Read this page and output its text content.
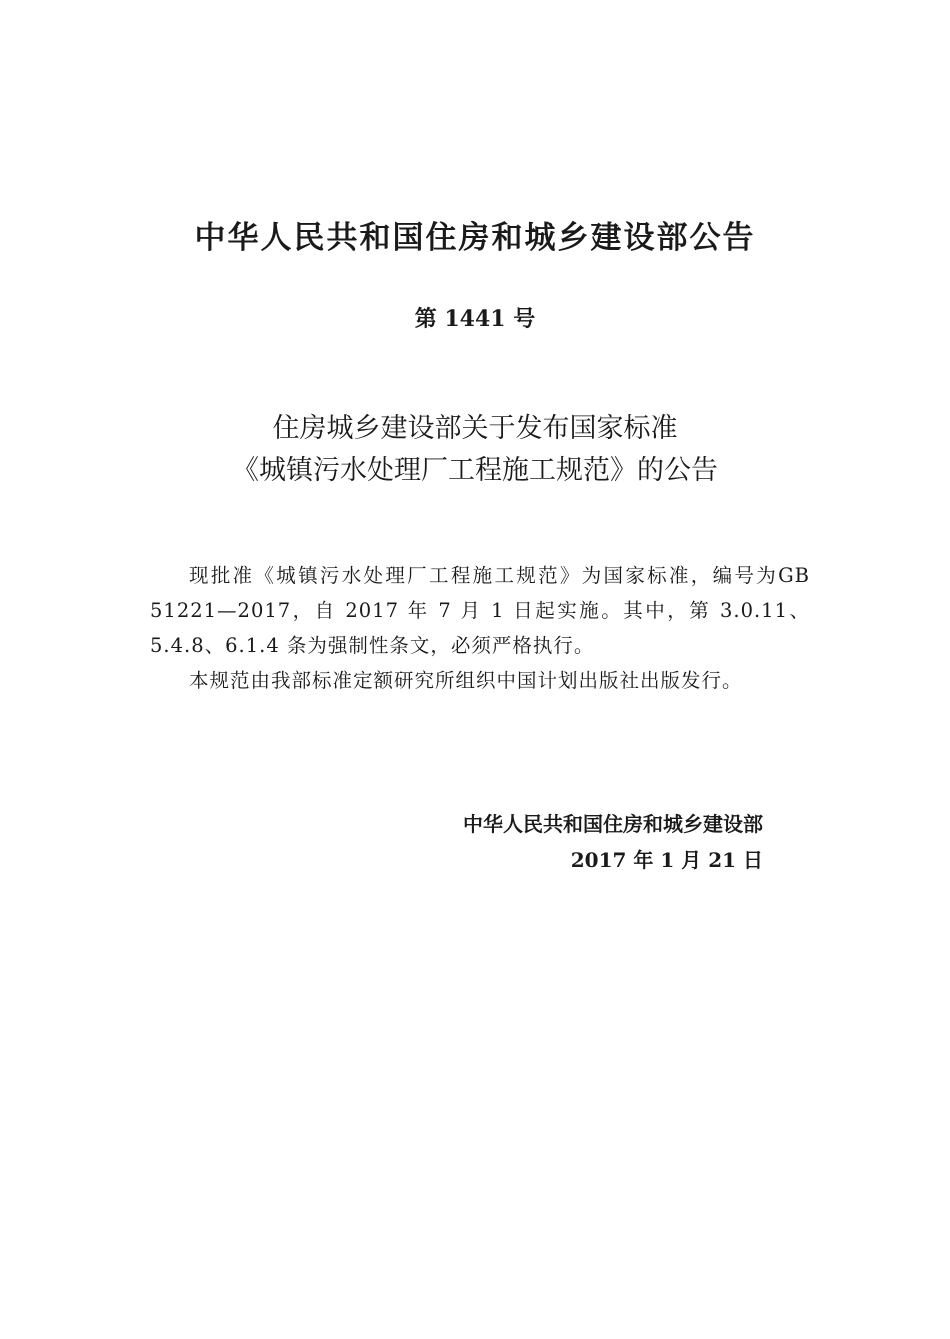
中华人民共和国住房和城乡建设部公告
第 1441 号
住房城乡建设部关于发布国家标准
《城镇污水处理厂工程施工规范》的公告

现批准《城镇污水处理厂工程施工规范》为国家标准，编号为GB 51221—2017，自 2017 年 7 月 1 日起实施。其中，第 3.0.11、5.4.8、6.1.4 条为强制性条文，必须严格执行。

本规范由我部标准定额研究所组织中国计划出版社出版发行。

中华人民共和国住房和城乡建设部
2017 年 1 月 21 日
